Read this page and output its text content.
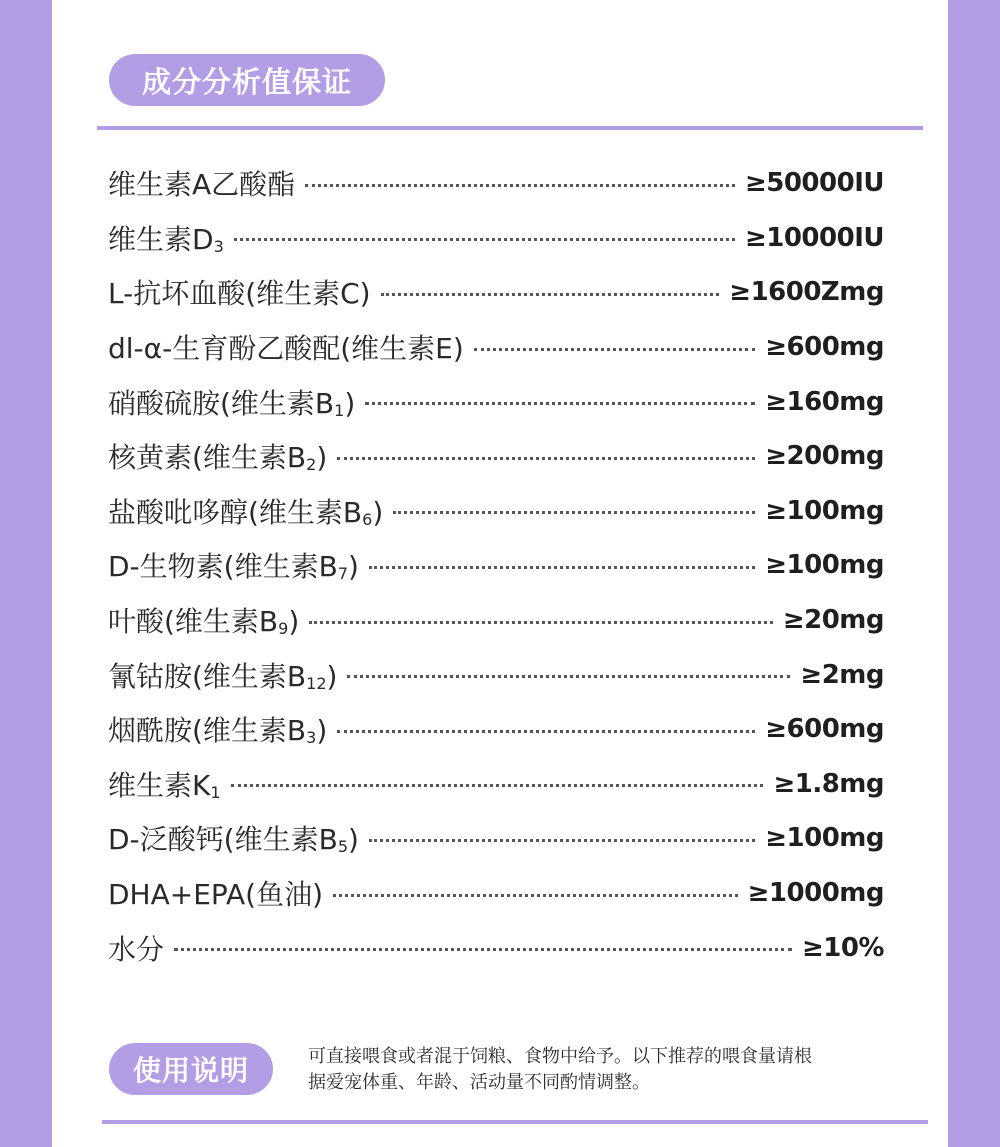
成分分析值保证
维生素A乙酸酯	≥50000IU
维生素D3	≥10000IU
L-抗坏血酸(维生素C)	≥1600Zmg
dl-α-生育酚乙酸配(维生素E)	≥600mg
硝酸硫胺(维生素B1)	≥160mg
核黄素(维生素B2)	≥200mg
盐酸吡哆醇(维生素B6)	≥100mg
D-生物素(维生素B7)	≥100mg
叶酸(维生素B9)	≥20mg
氰钴胺(维生素B12)	≥2mg
烟酰胺(维生素B3)	≥600mg
维生素K1	≥1.8mg
D-泛酸钙(维生素B5)	≥100mg
DHA+EPA(鱼油)	≥1000mg
水分	≥10%
使用说明	可直接喂食或者混于饲粮、食物中给予。以下推荐的喂食量请根
据爱宠体重、年龄、活动量不同酌情调整。
